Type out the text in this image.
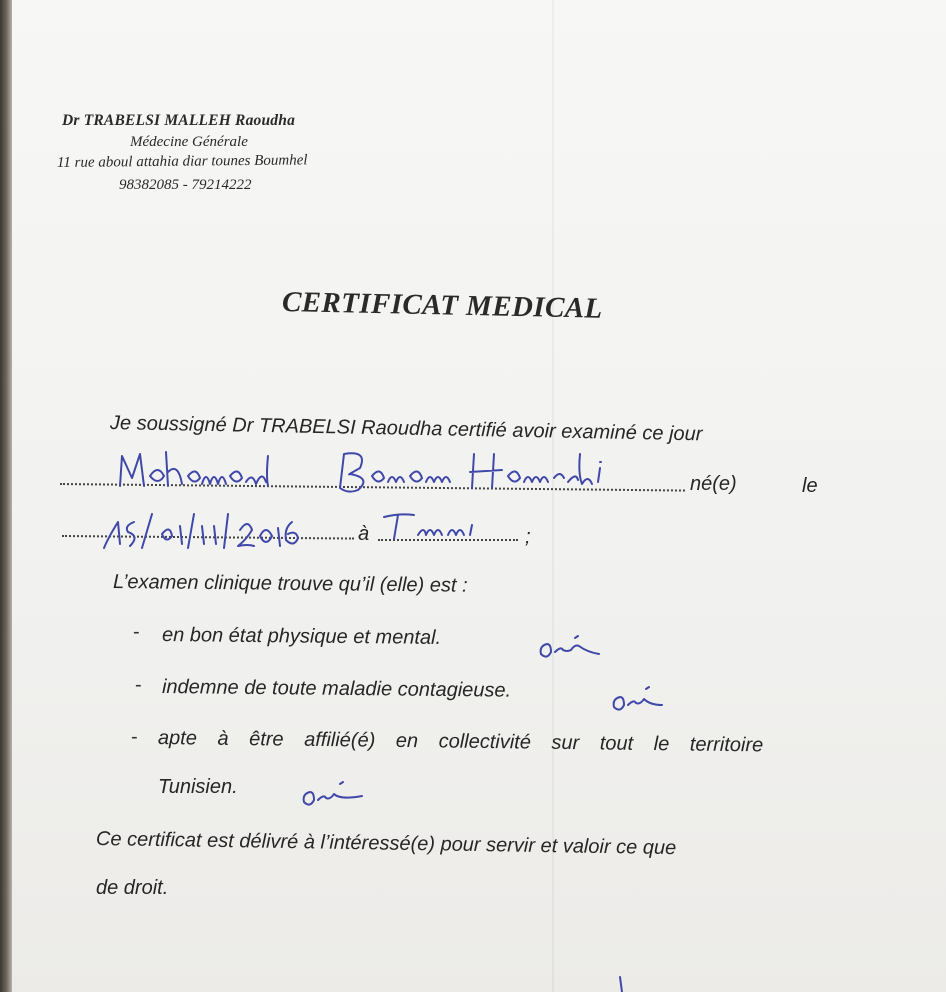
Dr TRABELSI MALLEH Raoudha
Médecine Générale
11 rue aboul attahia diar tounes Boumhel
98382085 - 79214222
CERTIFICAT MEDICAL
Je soussigné Dr TRABELSI Raoudha certifié avoir examiné ce jour
né(e)	le
à	;
L’examen clinique trouve qu’il (elle) est :
- en bon état physique et mental.
- indemne de toute maladie contagieuse.
- apte à être affilié(é) en collectivité sur tout le territoire
Tunisien.
Ce certificat est délivré à l’intéressé(e) pour servir et valoir ce que
de droit.
